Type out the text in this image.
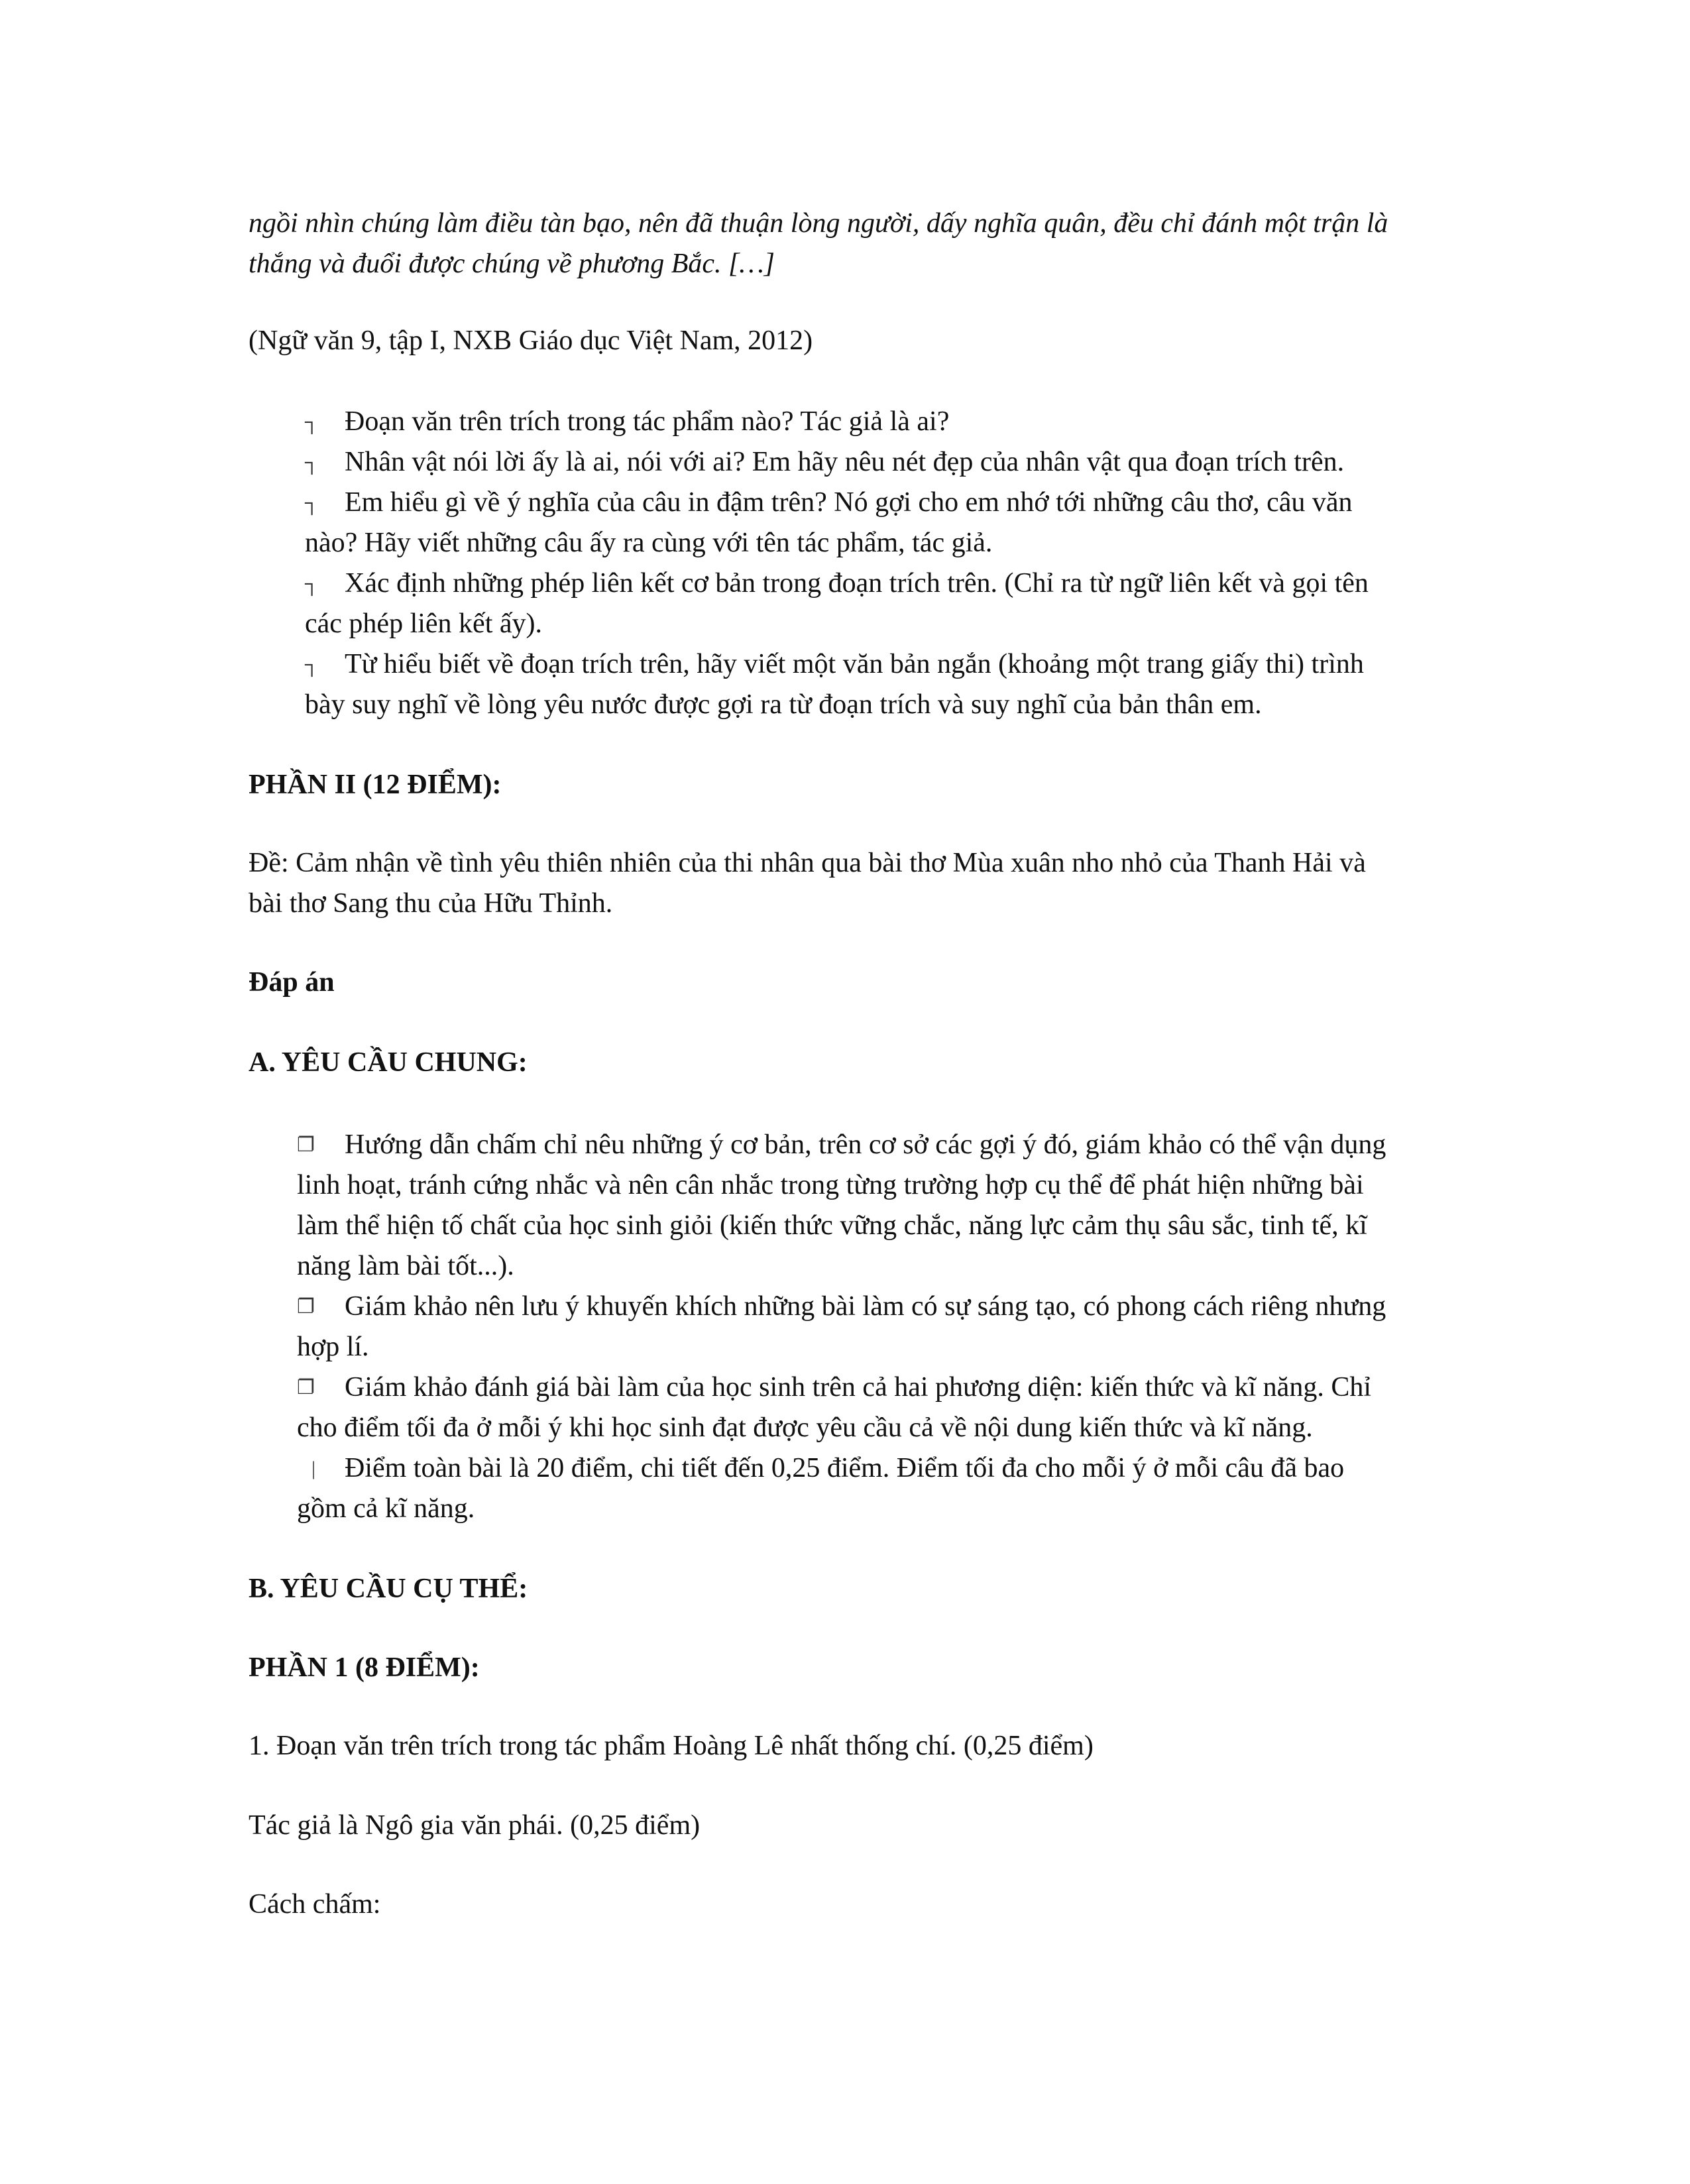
ngồi nhìn chúng làm điều tàn bạo, nên đã thuận lòng người, dấy nghĩa quân, đều chỉ đánh một trận là
thắng và đuổi được chúng về phương Bắc. […]
(Ngữ văn 9, tập I, NXB Giáo dục Việt Nam, 2012)
┐ Đoạn văn trên trích trong tác phẩm nào? Tác giả là ai?
┐ Nhân vật nói lời ấy là ai, nói với ai? Em hãy nêu nét đẹp của nhân vật qua đoạn trích trên.
┐ Em hiểu gì về ý nghĩa của câu in đậm trên? Nó gợi cho em nhớ tới những câu thơ, câu văn
nào? Hãy viết những câu ấy ra cùng với tên tác phẩm, tác giả.
┐ Xác định những phép liên kết cơ bản trong đoạn trích trên. (Chỉ ra từ ngữ liên kết và gọi tên
các phép liên kết ấy).
┐ Từ hiểu biết về đoạn trích trên, hãy viết một văn bản ngắn (khoảng một trang giấy thi) trình
bày suy nghĩ về lòng yêu nước được gợi ra từ đoạn trích và suy nghĩ của bản thân em.
PHẦN II (12 ĐIỂM):
Đề: Cảm nhận về tình yêu thiên nhiên của thi nhân qua bài thơ Mùa xuân nho nhỏ của Thanh Hải và
bài thơ Sang thu của Hữu Thỉnh.
Đáp án
A. YÊU CẦU CHUNG:
❐ Hướng dẫn chấm chỉ nêu những ý cơ bản, trên cơ sở các gợi ý đó, giám khảo có thể vận dụng
linh hoạt, tránh cứng nhắc và nên cân nhắc trong từng trường hợp cụ thể để phát hiện những bài
làm thể hiện tố chất của học sinh giỏi (kiến thức vững chắc, năng lực cảm thụ sâu sắc, tinh tế, kĩ
năng làm bài tốt...).
❐ Giám khảo nên lưu ý khuyến khích những bài làm có sự sáng tạo, có phong cách riêng nhưng
hợp lí.
❐ Giám khảo đánh giá bài làm của học sinh trên cả hai phương diện: kiến thức và kĩ năng. Chỉ
cho điểm tối đa ở mỗi ý khi học sinh đạt được yêu cầu cả về nội dung kiến thức và kĩ năng.
| Điểm toàn bài là 20 điểm, chi tiết đến 0,25 điểm. Điểm tối đa cho mỗi ý ở mỗi câu đã bao
gồm cả kĩ năng.
B. YÊU CẦU CỤ THỂ:
PHẦN 1 (8 ĐIỂM):
1. Đoạn văn trên trích trong tác phẩm Hoàng Lê nhất thống chí. (0,25 điểm)
Tác giả là Ngô gia văn phái. (0,25 điểm)
Cách chấm:
